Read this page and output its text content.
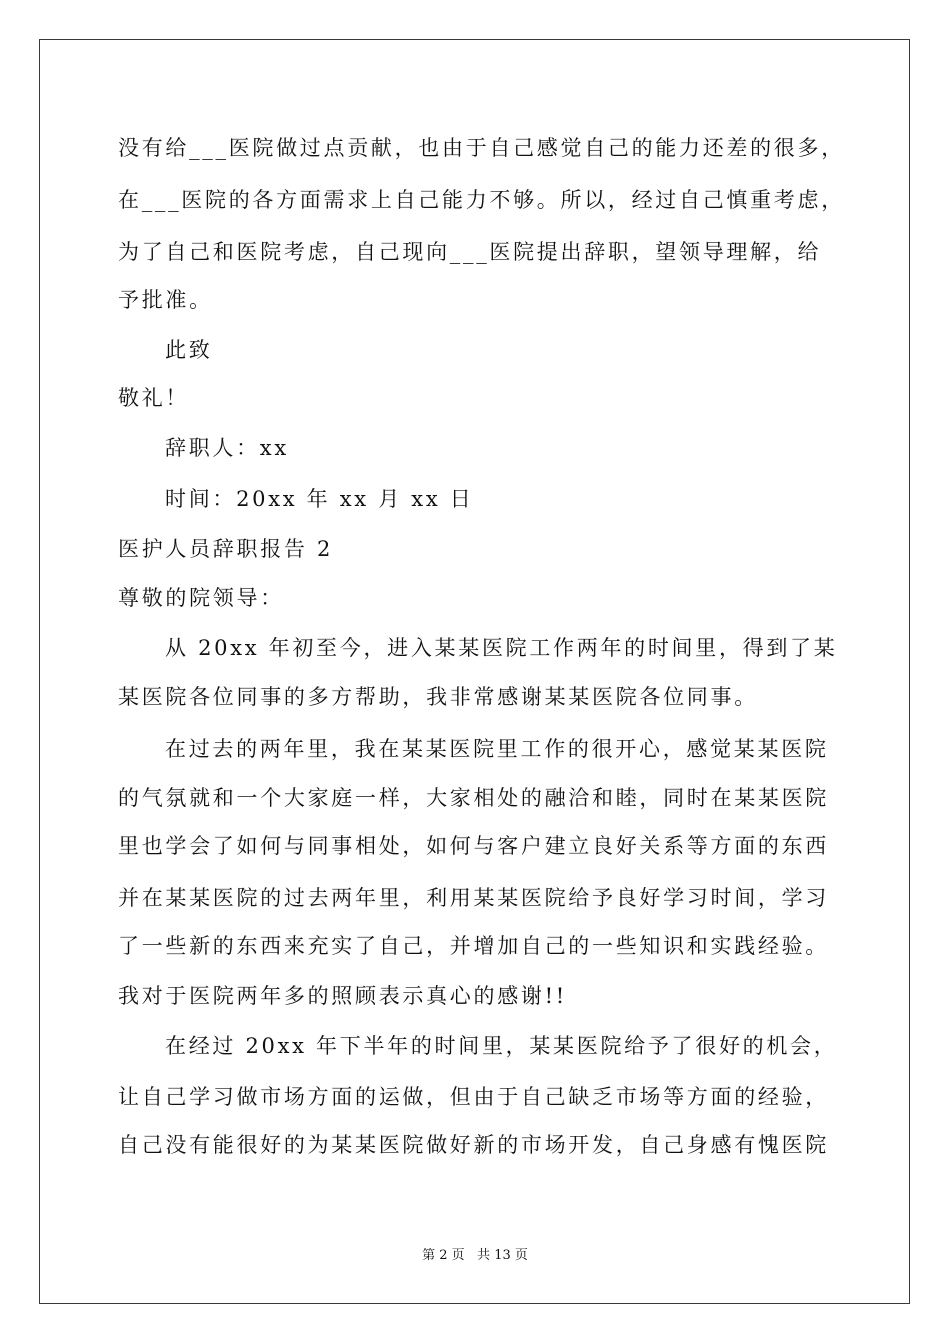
没有给___医院做过点贡献，也由于自己感觉自己的能力还差的很多，
在___医院的各方面需求上自己能力不够。所以，经过自己慎重考虑，
为了自己和医院考虑，自己现向___医院提出辞职，望领导理解，给
予批准。
此致
敬礼！
辞职人：xx
时间：20xx 年 xx 月 xx 日
医护人员辞职报告 2
尊敬的院领导：
从 20xx 年初至今，进入某某医院工作两年的时间里，得到了某
某医院各位同事的多方帮助，我非常感谢某某医院各位同事。
在过去的两年里，我在某某医院里工作的很开心，感觉某某医院
的气氛就和一个大家庭一样，大家相处的融洽和睦，同时在某某医院
里也学会了如何与同事相处，如何与客户建立良好关系等方面的东西
并在某某医院的过去两年里，利用某某医院给予良好学习时间，学习
了一些新的东西来充实了自己，并增加自己的一些知识和实践经验。
我对于医院两年多的照顾表示真心的感谢!!
在经过 20xx 年下半年的时间里，某某医院给予了很好的机会，
让自己学习做市场方面的运做，但由于自己缺乏市场等方面的经验，
自己没有能很好的为某某医院做好新的市场开发，自己身感有愧医院
第 2 页   共 13 页
